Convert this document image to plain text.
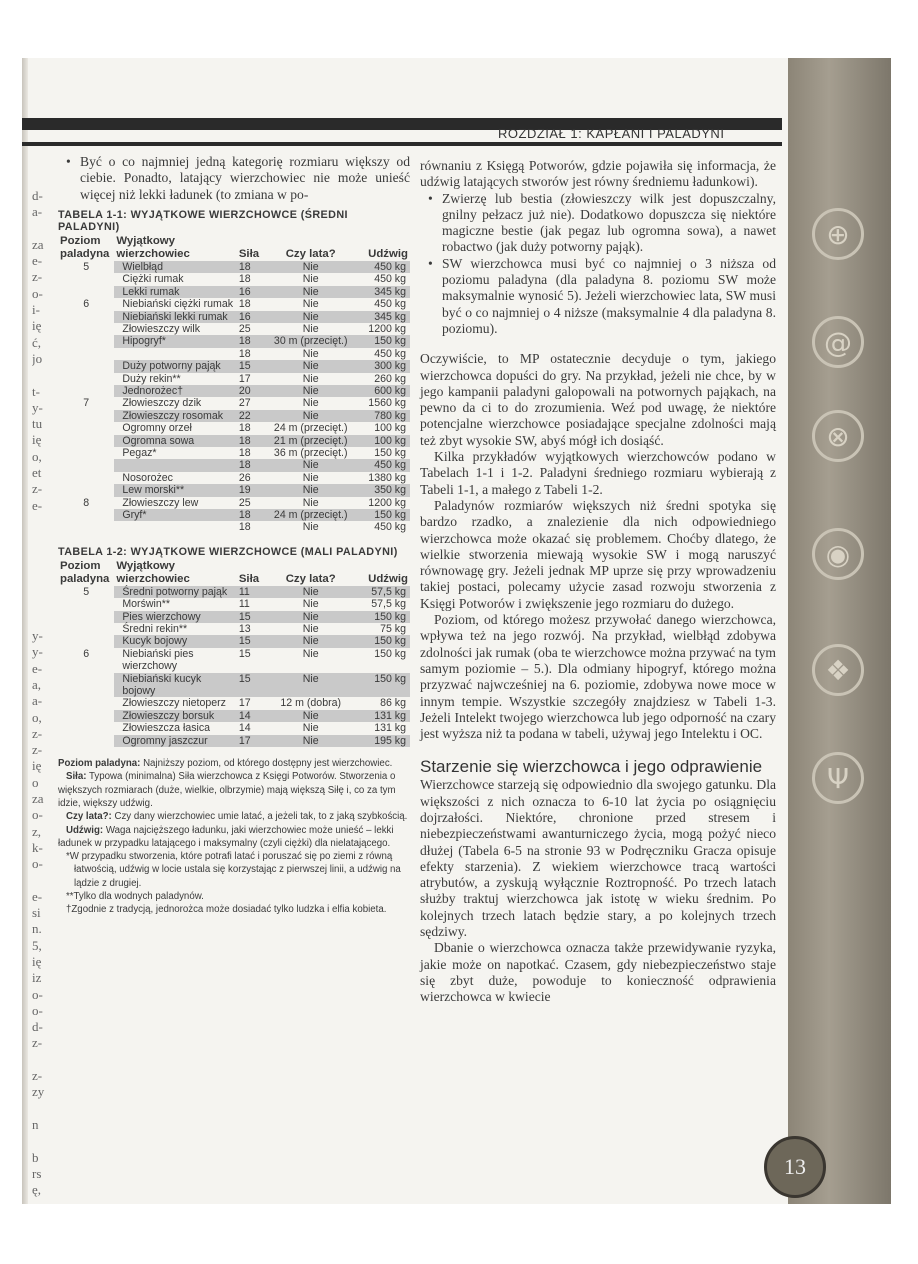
d-
a-
za
e-
z-
o-
i-
ię
ć,
jo
t-
y-
tu
ię
o,
et
z-
e-
y-
y-
e-
a,
a-
o,
z-
z-
ię
o
za
o-
z,
k-
o-
e-
si
n.
5,
ię
iz
o-
o-
d-
z-
z-
zy
n
b
rs
ę,
ROZDZIAŁ 1: KAPŁANI I PALADYNI
⊕
@
⊗
◉
❖
Ψ
13
• Być o co najmniej jedną kategorię rozmiaru większy od ciebie. Ponadto, latający wierzchowiec nie może unieść więcej niż lekki ładunek (to zmiana w po-
TABELA 1-1: WYJĄTKOWE WIERZCHOWCE (ŚREDNI PALADYNI)
Poziom paladyna	Wyjątkowy wierzchowiec	Siła	Czy lata?	Udźwig
5	Wielbłąd	18	Nie	450 kg
	Ciężki rumak	18	Nie	450 kg
	Lekki rumak	16	Nie	345 kg
6	Niebiański ciężki rumak	18	Nie	450 kg
	Niebiański lekki rumak	16	Nie	345 kg
	Złowieszczy wilk	25	Nie	1200 kg
	Hipogryf*	18	30 m (przecięt.)	150 kg
		18	Nie	450 kg
	Duży potworny pająk	15	Nie	300 kg
	Duży rekin**	17	Nie	260 kg
	Jednorożec†	20	Nie	600 kg
7	Złowieszczy dzik	27	Nie	1560 kg
	Złowieszczy rosomak	22	Nie	780 kg
	Ogromny orzeł	18	24 m (przecięt.)	100 kg
	Ogromna sowa	18	21 m (przecięt.)	100 kg
	Pegaz*	18	36 m (przecięt.)	150 kg
		18	Nie	450 kg
	Nosorożec	26	Nie	1380 kg
	Lew morski**	19	Nie	350 kg
8	Złowieszczy lew	25	Nie	1200 kg
	Gryf*	18	24 m (przecięt.)	150 kg
		18	Nie	450 kg
TABELA 1-2: WYJĄTKOWE WIERZCHOWCE (MALI PALADYNI)
Poziom paladyna	Wyjątkowy wierzchowiec	Siła	Czy lata?	Udźwig
5	Średni potworny pająk	11	Nie	57,5 kg
	Morświn**	11	Nie	57,5 kg
	Pies wierzchowy	15	Nie	150 kg
	Średni rekin**	13	Nie	75 kg
	Kucyk bojowy	15	Nie	150 kg
6	Niebiański pies wierzchowy	15	Nie	150 kg
	Niebiański kucyk bojowy	15	Nie	150 kg
	Złowieszczy nietoperz	17	12 m (dobra)	86 kg
	Złowieszczy borsuk	14	Nie	131 kg
	Złowieszcza łasica	14	Nie	131 kg
	Ogromny jaszczur	17	Nie	195 kg

Poziom paladyna: Najniższy poziom, od którego dostępny jest wierzchowiec.

Siła: Typowa (minimalna) Siła wierzchowca z Księgi Potworów. Stworzenia o większych rozmiarach (duże, wielkie, olbrzymie) mają większą Siłę i, co za tym idzie, większy udźwig.

Czy lata?: Czy dany wierzchowiec umie latać, a jeżeli tak, to z jaką szybkością.

Udźwig: Waga najcięższego ładunku, jaki wierzchowiec może unieść – lekki ładunek w przypadku latającego i maksymalny (czyli ciężki) dla nielatającego.

*W przypadku stworzenia, które potrafi latać i poruszać się po ziemi z równą łatwością, udźwig w locie ustala się korzystając z pierwszej linii, a udźwig na lądzie z drugiej.

**Tylko dla wodnych paladynów.

†Zgodnie z tradycją, jednorożca może dosiadać tylko ludzka i elfia kobieta.

równaniu z Księgą Potworów, gdzie pojawiła się informacja, że udźwig latających stworów jest równy średniemu ładunkowi).

• Zwierzę lub bestia (złowieszczy wilk jest dopuszczalny, gnilny pełzacz już nie). Dodatkowo dopuszcza się niektóre magiczne bestie (jak pegaz lub ogromna sowa), a nawet robactwo (jak duży potworny pająk).
• SW wierzchowca musi być co najmniej o 3 niższa od poziomu paladyna (dla paladyna 8. poziomu SW może maksymalnie wynosić 5). Jeżeli wierzchowiec lata, SW musi być o co najmniej o 4 niższe (maksymalnie 4 dla paladyna 8. poziomu).

Oczywiście, to MP ostatecznie decyduje o tym, jakiego wierzchowca dopuści do gry. Na przykład, jeżeli nie chce, by w jego kampanii paladyni galopowali na potwornych pająkach, na pewno da ci to do zrozumienia. Weź pod uwagę, że niektóre potencjalne wierzchowce posiadające specjalne zdolności mają też zbyt wysokie SW, abyś mógł ich dosiąść.

Kilka przykładów wyjątkowych wierzchowców podano w Tabelach 1-1 i 1-2. Paladyni średniego rozmiaru wybierają z Tabeli 1-1, a małego z Tabeli 1-2.

Paladynów rozmiarów większych niż średni spotyka się bardzo rzadko, a znalezienie dla nich odpowiedniego wierzchowca może okazać się problemem. Choćby dlatego, że wielkie stworzenia miewają wysokie SW i mogą naruszyć równowagę gry. Jeżeli jednak MP uprze się przy wprowadzeniu takiej postaci, polecamy użycie zasad rozwoju stworzenia z Księgi Potworów i zwiększenie jego rozmiaru do dużego.

Poziom, od którego możesz przywołać danego wierzchowca, wpływa też na jego rozwój. Na przykład, wielbłąd zdobywa zdolności jak rumak (oba te wierzchowce można przywać na tym samym poziomie – 5.). Dla odmiany hipogryf, którego można przyzwać najwcześniej na 6. poziomie, zdobywa nowe moce w innym tempie. Wszystkie szczegóły znajdziesz w Tabeli 1-3. Jeżeli Intelekt twojego wierzchowca lub jego odporność na czary jest wyższa niż ta podana w tabeli, używaj jego Intelektu i OC.

Starzenie się wierzchowca i jego odprawienie

Wierzchowce starzeją się odpowiednio dla swojego gatunku. Dla większości z nich oznacza to 6-10 lat życia po osiągnięciu dojrzałości. Niektóre, chronione przed stresem i niebezpieczeństwami awanturniczego życia, mogą pożyć nieco dłużej (Tabela 6-5 na stronie 93 w Podręczniku Gracza opisuje efekty starzenia). Z wiekiem wierzchowce tracą wartości atrybutów, a zyskują wyłącznie Roztropność. Po trzech latach służby traktuj wierzchowca jak istotę w wieku średnim. Po kolejnych trzech latach będzie stary, a po kolejnych trzech sędziwy.

Dbanie o wierzchowca oznacza także przewidywanie ryzyka, jakie może on napotkać. Czasem, gdy niebezpieczeństwo staje się zbyt duże, powoduje to konieczność odprawienia wierzchowca w kwiecie
